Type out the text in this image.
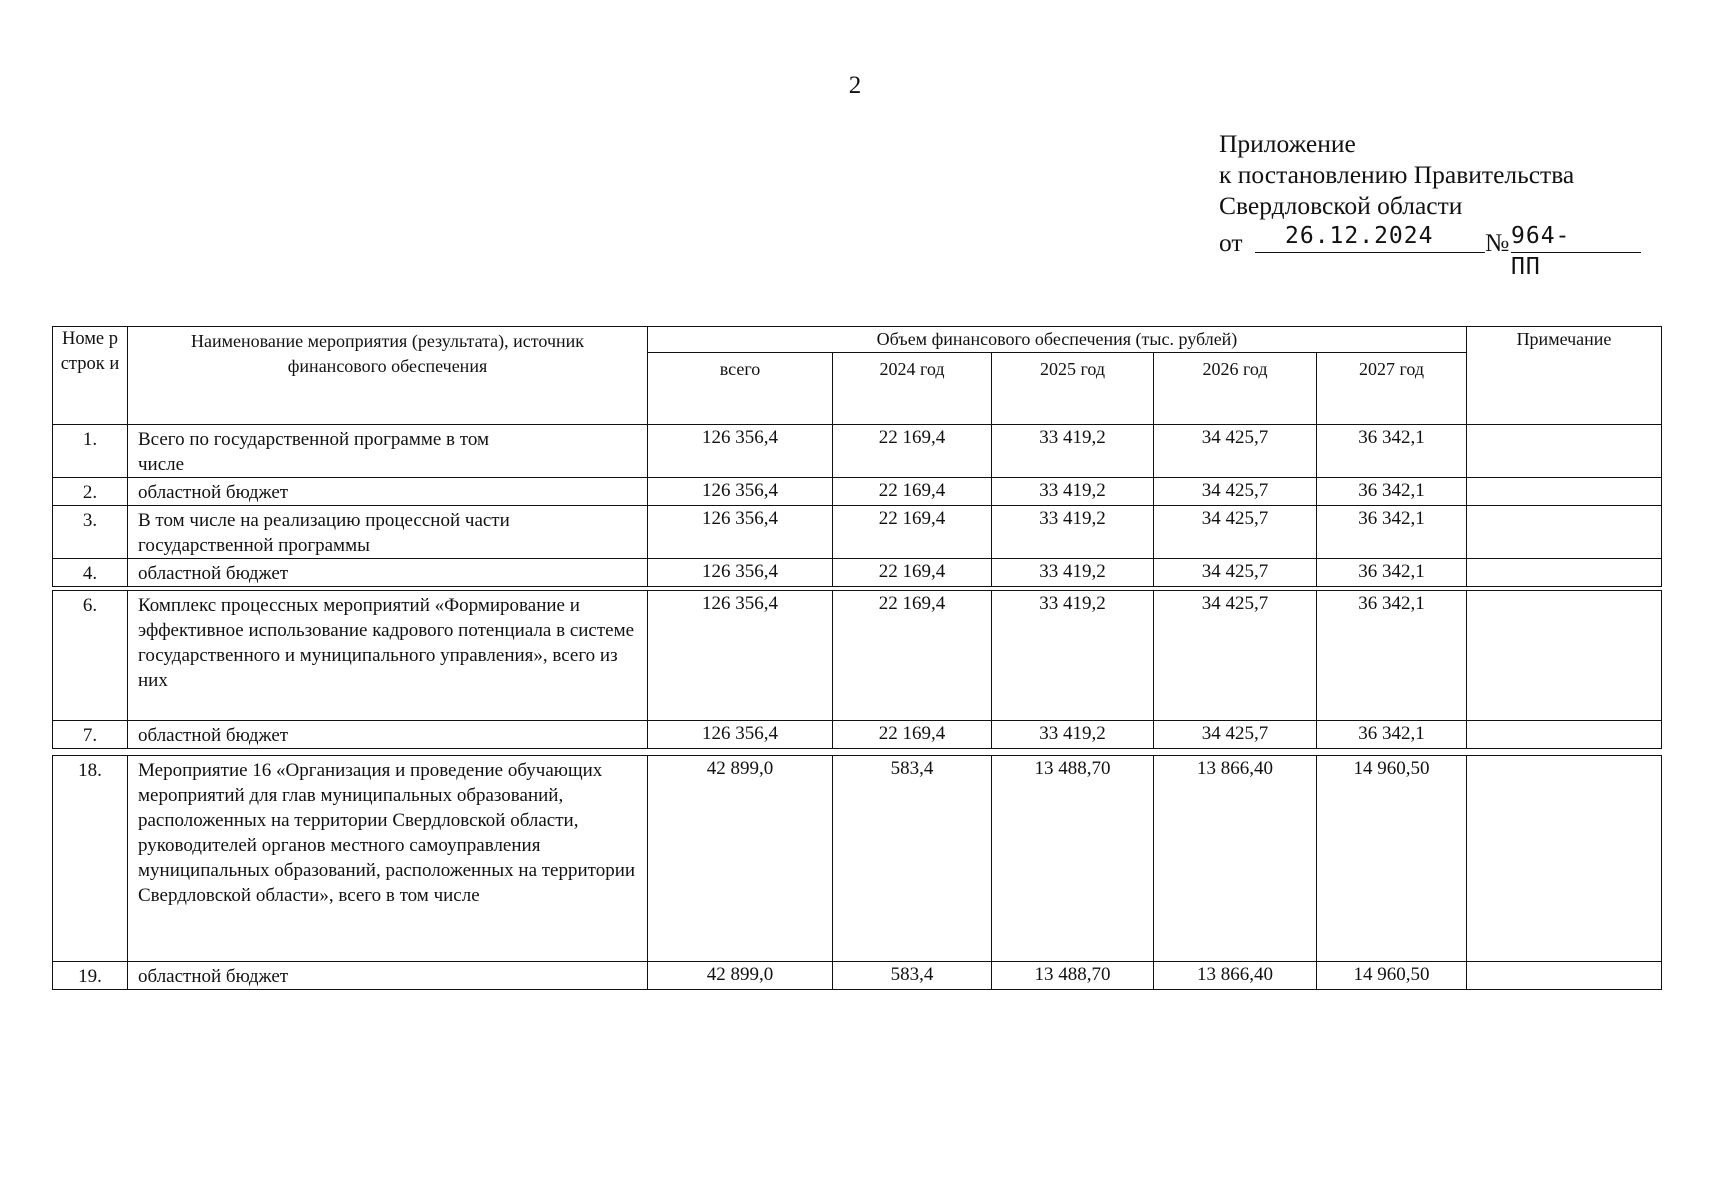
2
Приложение
к постановлению Правительства
Свердловской области
от 26.12.2024 № 964-ПП
Номе р строк и	Наименование мероприятия (результата), источник финансового обеспечения	Объем финансового обеспечения (тыс. рублей)					Примечание
		всего	2024 год	2025 год	2026 год	2027 год	
1.	Всего по государственной программе в том числе	126 356,4	22 169,4	33 419,2	34 425,7	36 342,1	
2.	областной бюджет	126 356,4	22 169,4	33 419,2	34 425,7	36 342,1	
3.	В том числе на реализацию процессной части государственной программы	126 356,4	22 169,4	33 419,2	34 425,7	36 342,1	
4.	областной бюджет	126 356,4	22 169,4	33 419,2	34 425,7	36 342,1	
6.	Комплекс процессных мероприятий «Формирование и эффективное использование кадрового потенциала в системе государственного и муниципального управления», всего из них	126 356,4	22 169,4	33 419,2	34 425,7	36 342,1	
7.	областной бюджет	126 356,4	22 169,4	33 419,2	34 425,7	36 342,1	
18.	Мероприятие 16 «Организация и проведение обучающих мероприятий для глав муниципальных образований, расположенных на территории Свердловской области, руководителей органов местного самоуправления муниципальных образований, расположенных на территории Свердловской области», всего в том числе	42 899,0	583,4	13 488,70	13 866,40	14 960,50	
19.	областной бюджет	42 899,0	583,4	13 488,70	13 866,40	14 960,50	
